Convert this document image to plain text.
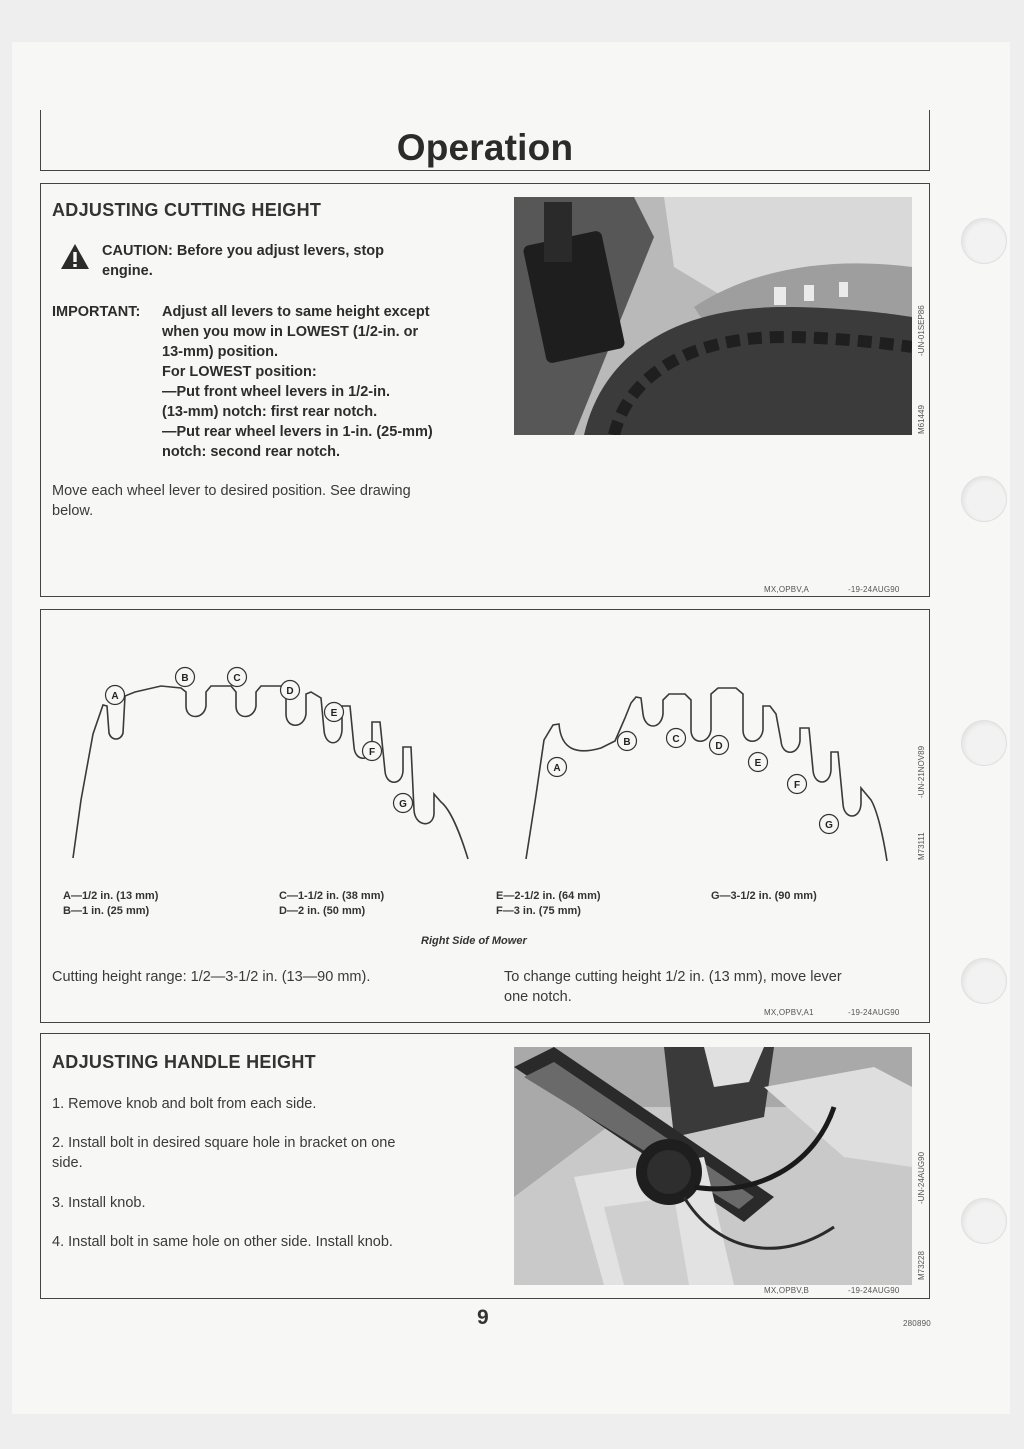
Operation
ADJUSTING CUTTING HEIGHT
CAUTION: Before you adjust levers, stop
engine.
IMPORTANT: Adjust all levers to same height except
when you mow in LOWEST (1/2-in. or
13-mm) position.
For LOWEST position:
—Put front wheel levers in 1/2-in.
(13-mm) notch: first rear notch.
—Put rear wheel levers in 1-in. (25-mm)
notch: second rear notch.
Move each wheel lever to desired position. See drawing
below.
M61449
-UN-01SEP86
MX,OPBV,A	-19-24AUG90
A
B	C
D
E
F
G
A
B	C
D
E
F
G
A—1/2 in. (13 mm)
B—1 in. (25 mm)
C—1-1/2 in. (38 mm)
D—2 in. (50 mm)
E—2-1/2 in. (64 mm)
F—3 in. (75 mm)
G—3-1/2 in. (90 mm)
Right Side of Mower
Cutting height range: 1/2—3-1/2 in. (13—90 mm).	To change cutting height 1/2 in. (13 mm), move lever
one notch.
M73111
-UN-21NOV89
MX,OPBV,A1	-19-24AUG90
ADJUSTING HANDLE HEIGHT
1. Remove knob and bolt from each side.
2. Install bolt in desired square hole in bracket on one
side.
3. Install knob.
4. Install bolt in same hole on other side. Install knob.
M73228
-UN-24AUG90
MX,OPBV,B	-19-24AUG90
9	280890
